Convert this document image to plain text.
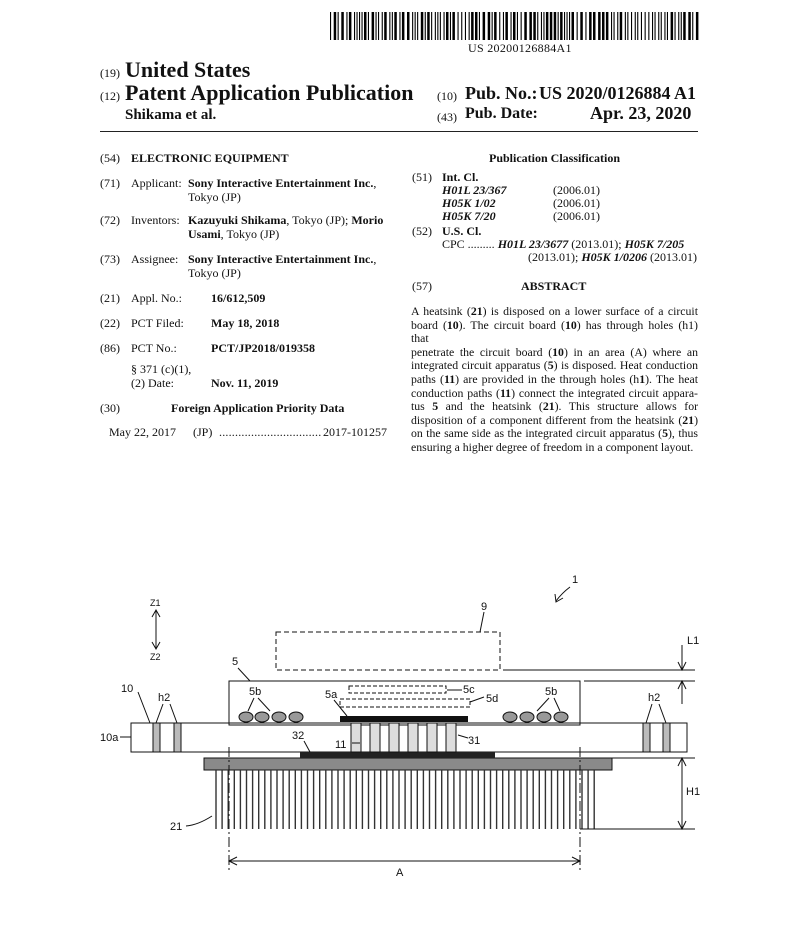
US 20200126884A1
(19) United States
(12) Patent Application Publication
Shikama et al.
(10) Pub. No.: US 2020/0126884 A1
(43) Pub. Date:	Apr. 23, 2020
(54) ELECTRONIC EQUIPMENT
(71) Applicant: Sony Interactive Entertainment Inc.,
Tokyo (JP)
(72) Inventors: Kazuyuki Shikama, Tokyo (JP); Morio
Usami, Tokyo (JP)
(73) Assignee: Sony Interactive Entertainment Inc.,
Tokyo (JP)
(21) Appl. No.: 16/612,509
(22) PCT Filed: May 18, 2018
(86) PCT No.:	PCT/JP2018/019358
§ 371 (c)(1),
(2) Date:	Nov. 11, 2019
(30)	Foreign Application Priority Data
May 22, 2017 (JP) ................................ 2017-101257
Publication Classification
(51) Int. Cl.
H01L 23/367	(2006.01)
H05K 1/02	(2006.01)
H05K 7/20	(2006.01)
(52) U.S. Cl.
CPC ......... H01L 23/3677 (2013.01); H05K 7/205
(2013.01); H05K 1/0206 (2013.01)
(57)	ABSTRACT
A heatsink (21) is disposed on a lower surface of a circuit
board (10). The circuit board (10) has through holes (h1) that
penetrate the circuit board (10) in an area (A) where an
integrated circuit apparatus (5) is disposed. Heat conduction
paths (11) are provided in the through holes (h1). The heat
conduction paths (11) connect the integrated circuit appara-
tus 5 and the heatsink (21). This structure allows for
disposition of a component different from the heatsink (21)
on the same side as the integrated circuit apparatus (5), thus
ensuring a higher degree of freedom in a component layout.
1
9
Z1
Z2	5
10
10a
h2	h2
5b	5b
5a	5c
5d
11	31
32
21
L1
H1
A
